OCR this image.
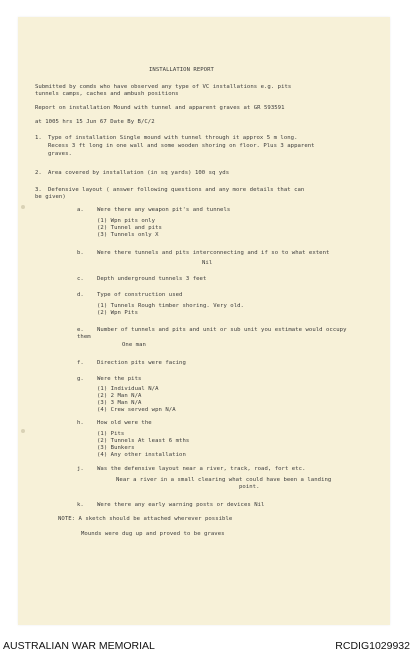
INSTALLATION REPORT
Submitted by comds who have observed any type of VC installations e.g. pits
tunnels camps, caches and ambush positions
Report on installation Mound with tunnel and apparent graves at GR 593591
at 1005 hrs 15 Jun 67 Date By B/C/2
1. Type of installation Single mound with tunnel through it approx 5 m long.
Recess 3 ft long in one wall and some wooden shoring on floor. Plus 3 apparent
graves.
2. Area covered by installation (in sq yards) 100 sq yds
3. Defensive layout ( answer following questions and any more details that can
be given)
a. Were there any weapon pit's and tunnels
(1) Wpn pits only
(2) Tunnel and pits
(3) Tunnels only X
b. Were there tunnels and pits interconnecting and if so to what extent
Nil
c. Depth underground tunnels 3 feet
d. Type of construction used
(1) Tunnels Rough timber shoring. Very old.
(2) Wpn Pits
e. Number of tunnels and pits and unit or sub unit you estimate would occupy
them
One man
f. Direction pits were facing
g. Were the pits
(1) Individual N/A
(2) 2 Man N/A
(3) 3 Man N/A
(4) Crew served wpn N/A
h. How old were the
(1) Pits
(2) Tunnels At least 6 mths
(3) Bunkers
(4) Any other installation
j. Was the defensive layout near a river, track, road, fort etc.
Near a river in a small clearing what could have been a landing
point.
k. Were there any early warning posts or devices Nil
NOTE: A sketch should be attached wherever possible
Mounds were dug up and proved to be graves
AUSTRALIAN WAR MEMORIAL	RCDIG1029932
